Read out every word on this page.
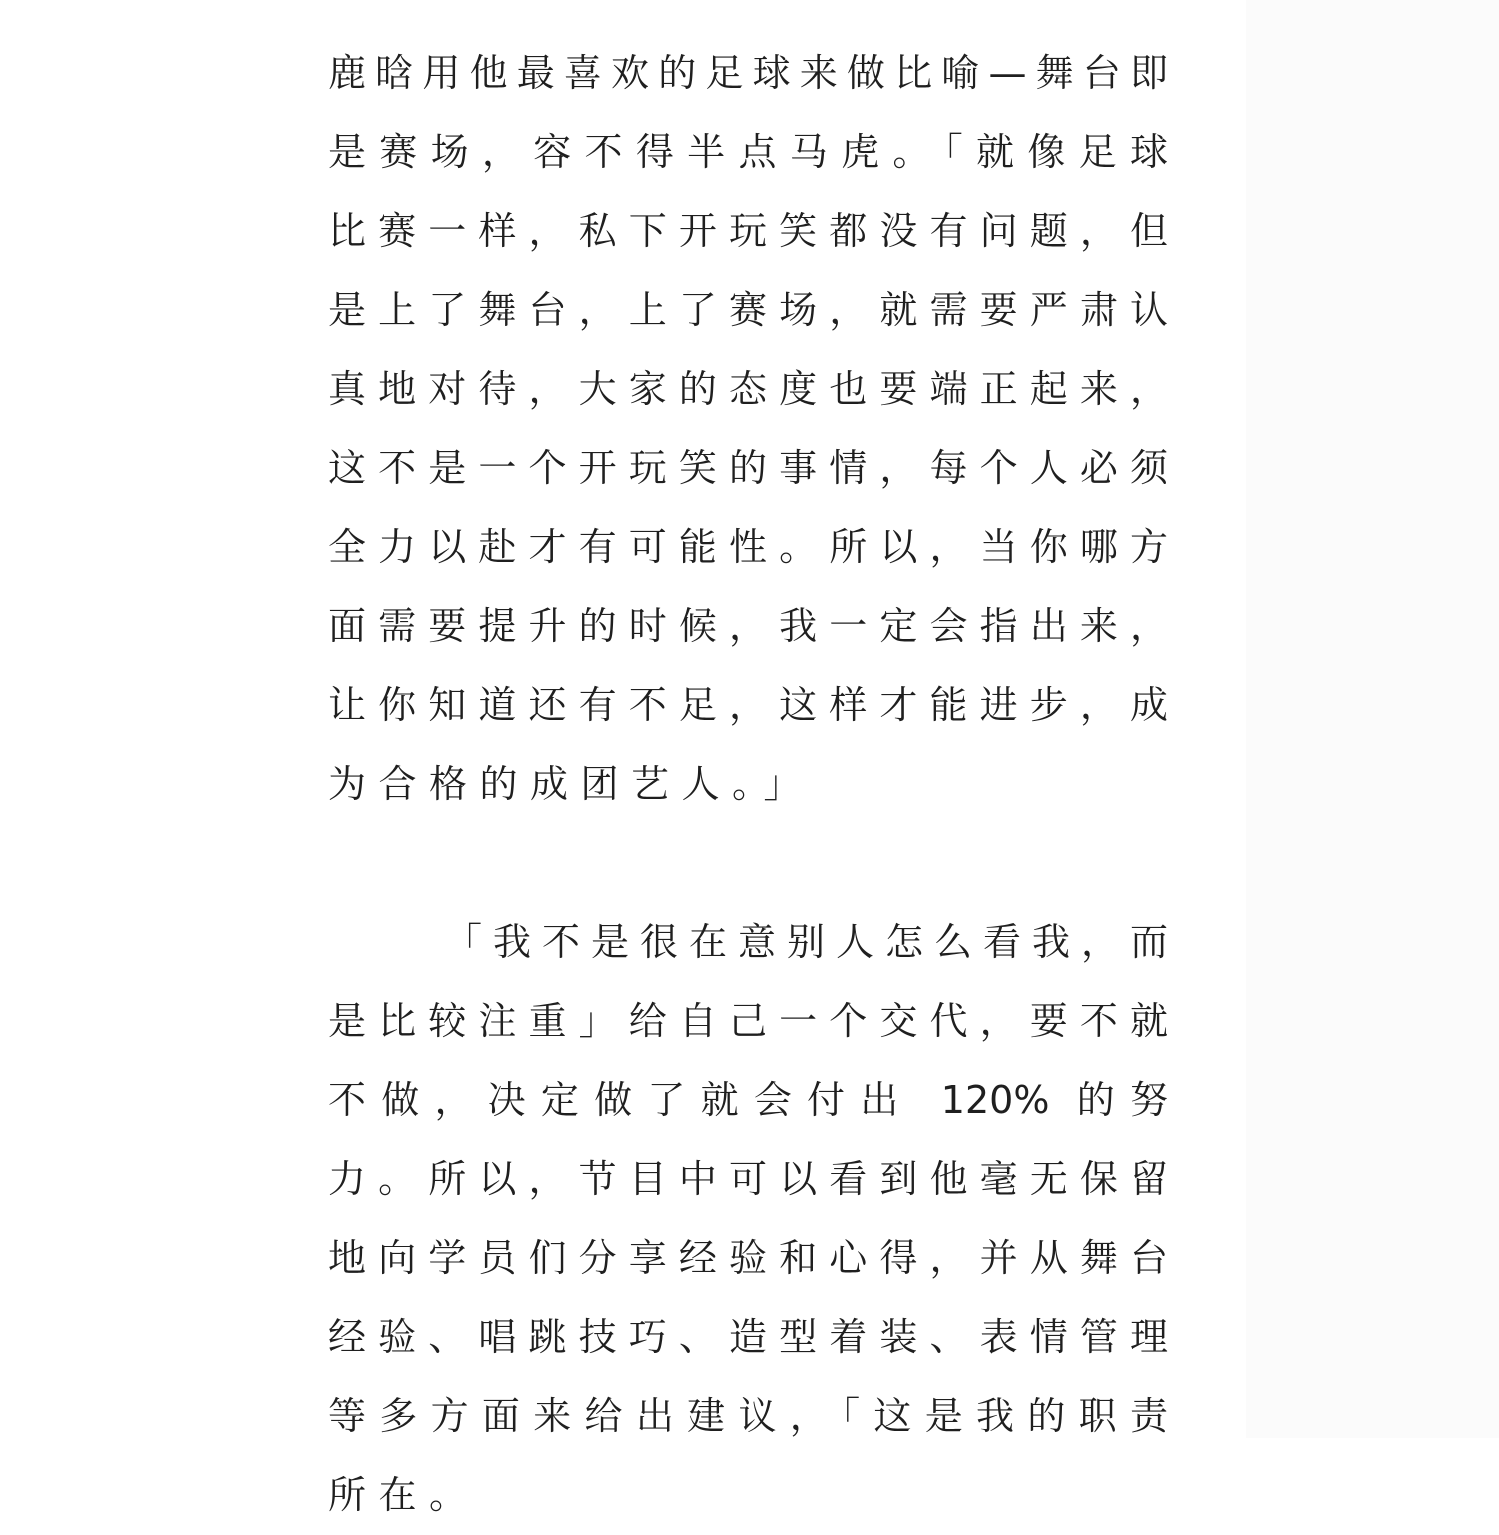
鹿晗用他最喜欢的足球来做比喻—舞台即
是赛场，容不得半点马虎。「就像足球
比赛一样，私下开玩笑都没有问题，但
是上了舞台，上了赛场，就需要严肃认
真地对待，大家的态度也要端正起来，
这不是一个开玩笑的事情，每个人必须
全力以赴才有可能性。所以，当你哪方
面需要提升的时候，我一定会指出来，
让你知道还有不足，这样才能进步，成
为合格的成团艺人。」
「我不是很在意别人怎么看我，而
是比较注重」给自己一个交代，要不就
不做，决定做了就会付出 120% 的努
力。所以，节目中可以看到他毫无保留
地向学员们分享经验和心得，并从舞台
经验、唱跳技巧、造型着装、表情管理
等多方面来给出建议，「这是我的职责
所在。
